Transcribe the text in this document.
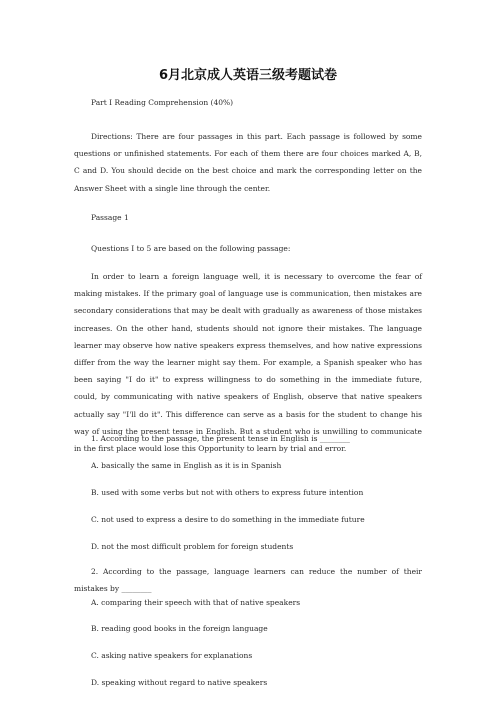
6月北京成人英语三级考题试卷

Part I Reading Comprehension (40%)

Directions: There are four passages in this part. Each passage is followed by some questions or unfinished statements. For each of them there are four choices marked A, B, C and D. You should decide on the best choice and mark the corresponding letter on the Answer Sheet with a single line through the center.

Passage 1

Questions I to 5 are based on the following passage:

In order to learn a foreign language well, it is necessary to overcome the fear of making mistakes. If the primary goal of language use is communication, then mistakes are secondary considerations that may be dealt with gradually as awareness of those mistakes increases. On the other hand, students should not ignore their mistakes. The language learner may observe how native speakers express themselves, and how native expressions differ from the way the learner might say them. For example, a Spanish speaker who has been saying "I do it" to express willingness to do something in the immediate future, could, by communicating with native speakers of English, observe that native speakers actually say "I'll do it". This difference can serve as a basis for the student to change his way of using the present tense in English. But a student who is unwilling to communicate in the first place would lose this Opportunity to learn by trial and error.

1. According to the passage, the present tense in English is ________

A. basically the same in English as it is in Spanish

B. used with some verbs but not with others to express future intention

C. not used to express a desire to do something in the immediate future

D. not the most difficult problem for foreign students

2. According to the passage, language learners can reduce the number of their mistakes by ________

A. comparing their speech with that of native speakers

B. reading good books in the foreign language

C. asking native speakers for explanations

D. speaking without regard to native speakers
